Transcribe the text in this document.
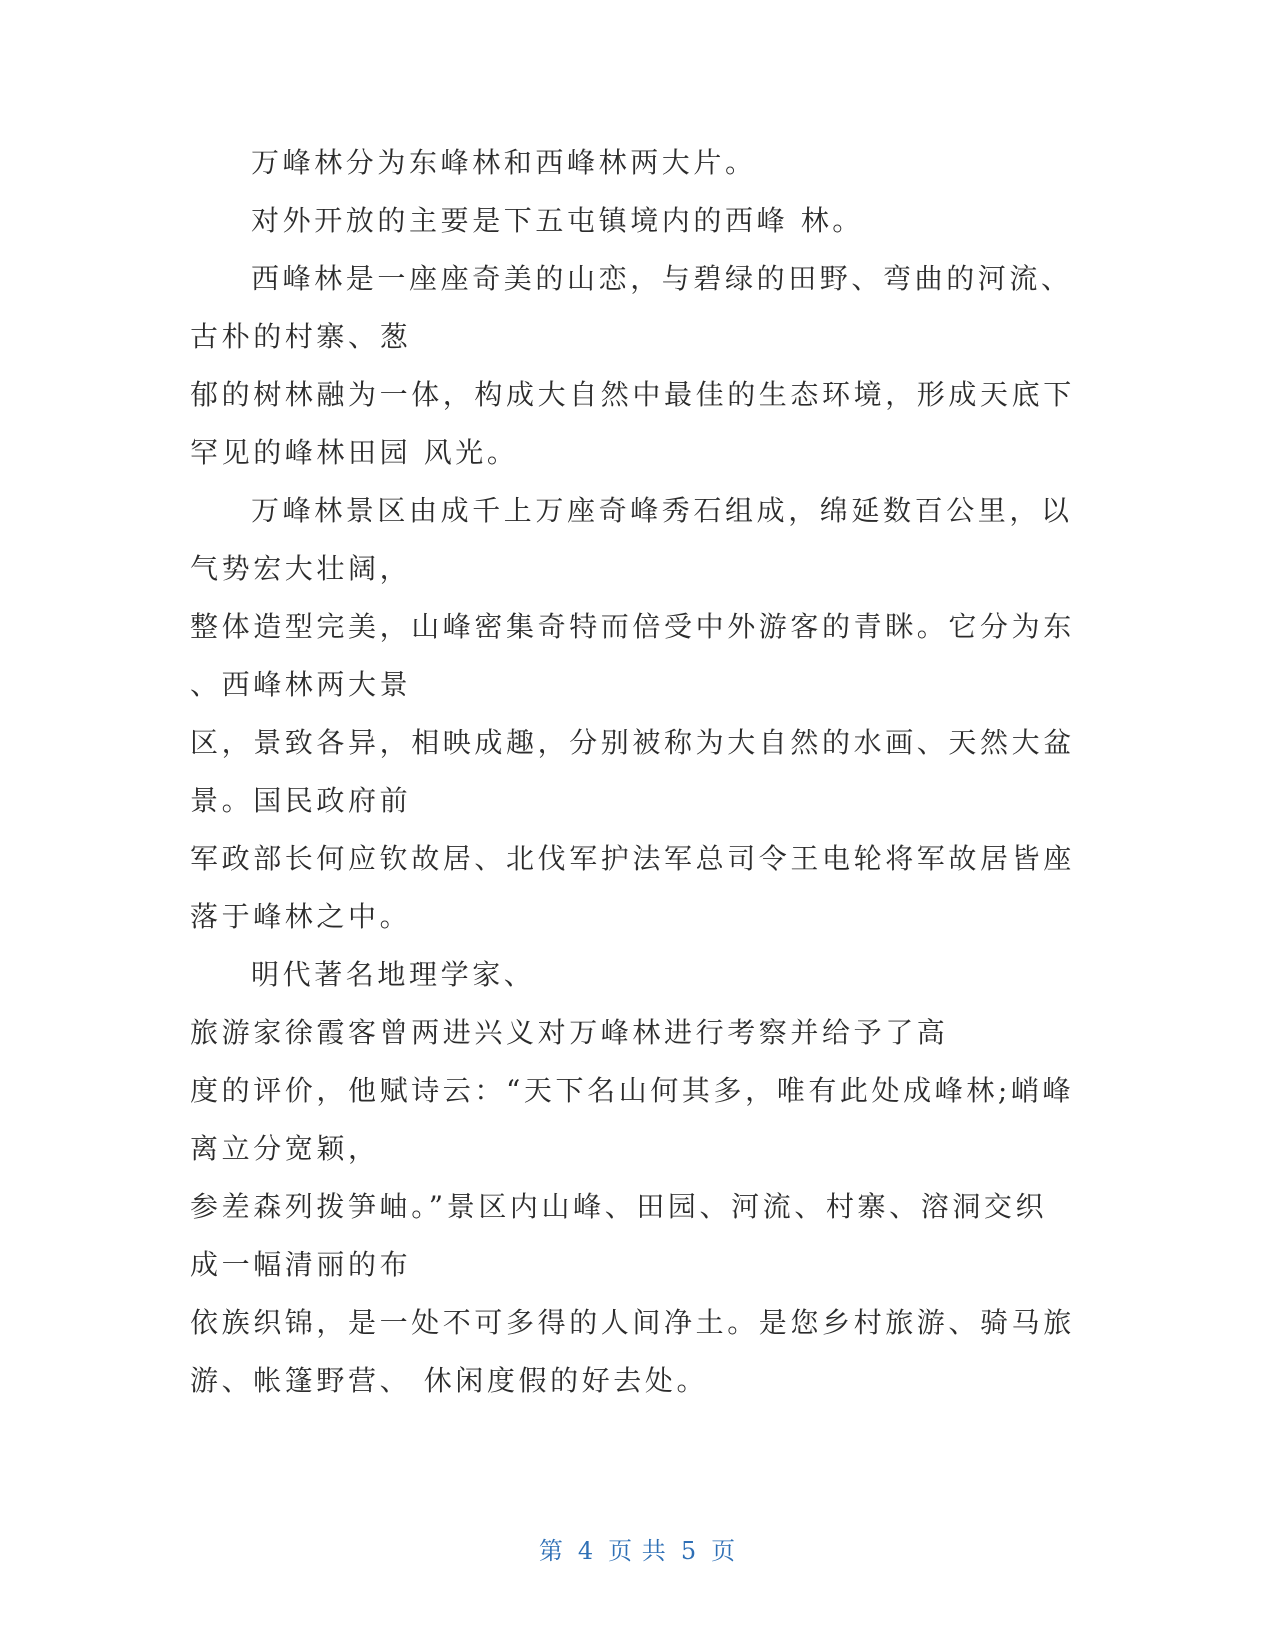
万峰林分为东峰林和西峰林两大片。
对外开放的主要是下五屯镇境内的西峰 林。
西峰林是一座座奇美的山恋，与碧绿的田野、弯曲的河流、
古朴的村寨、葱
郁的树林融为一体，构成大自然中最佳的生态环境，形成天底下
罕见的峰林田园 风光。
万峰林景区由成千上万座奇峰秀石组成，绵延数百公里，以
气势宏大壮阔，
整体造型完美，山峰密集奇特而倍受中外游客的青眯。它分为东
、西峰林两大景
区，景致各异，相映成趣，分别被称为大自然的水画、天然大盆
景。国民政府前
军政部长何应钦故居、北伐军护法军总司令王电轮将军故居皆座
落于峰林之中。
明代著名地理学家、
旅游家徐霞客曾两进兴义对万峰林进行考察并给予了高
度的评价，他赋诗云：“天下名山何其多，唯有此处成峰林;峭峰
离立分宽颖，
参差森列拨笋岫。”景区内山峰、田园、河流、村寨、溶洞交织
成一幅清丽的布
依族织锦，是一处不可多得的人间净土。是您乡村旅游、骑马旅
游、帐篷野营、 休闲度假的好去处。
第 4 页 共 5 页
